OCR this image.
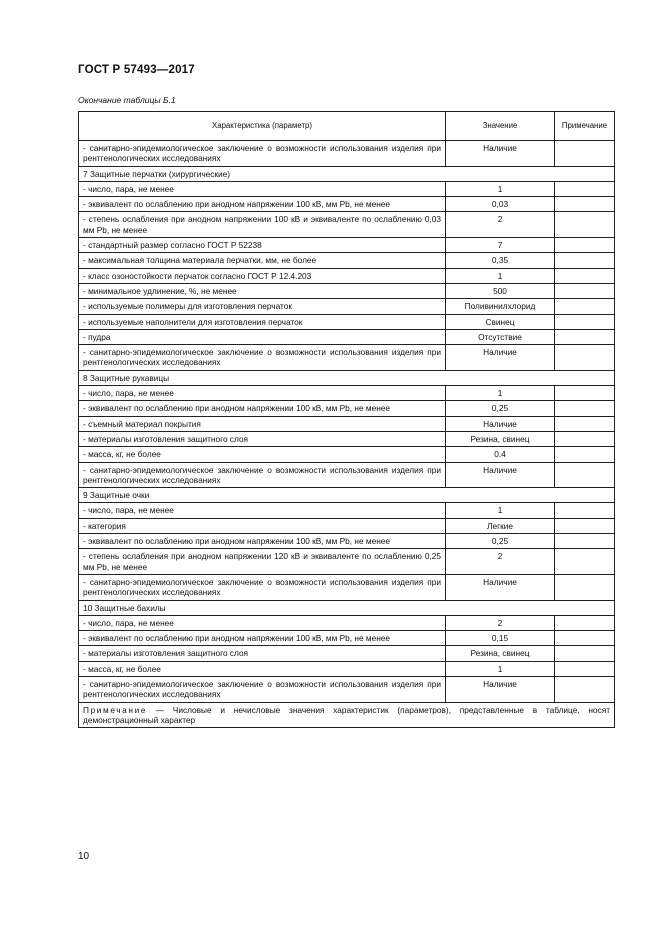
ГОСТ Р 57493—2017
Окончание таблицы Б.1
Характеристика (параметр)	Значение	Примечание
- санитарно-эпидемиологическое заключение о возможности использования изделия при рентгенологических исследованиях	Наличие	
7 Защитные перчатки (хирургические)		
- число, пара, не менее	1	
- эквивалент по ослаблению при анодном напряжении 100 кВ, мм Pb, не менее	0,03	
- степень ослабления при анодном напряжении 100 кВ и эквиваленте по ослаблению 0,03 мм Pb, не менее	2	
- стандартный размер согласно ГОСТ Р 52238	7	
- максимальная толщина материала перчатки, мм, не более	0,35	
- класс озоностойкости перчаток согласно ГОСТ Р 12.4.203	1	
- минимальное удлинение, %, не менее	500	
- используемые полимеры для изготовления перчаток	Поливинилхлорид	
- используемые наполнители для изготовления перчаток	Свинец	
- пудра	Отсутствие	
- санитарно-эпидемиологическое заключение о возможности использования изделия при рентгенологических исследованиях	Наличие	
8 Защитные рукавицы		
- число, пара, не менее	1	
- эквивалент по ослаблению при анодном напряжении 100 кВ, мм Pb, не менее	0,25	
- съемный материал покрытия	Наличие	
- материалы изготовления защитного слоя	Резина, свинец	
- масса, кг, не более	0.4	
- санитарно-эпидемиологическое заключение о возможности использования изделия при рентгенологических исследованиях	Наличие	
9 Защитные очки		
- число, пара, не менее	1	
- категория	Легкие	
- эквивалент по ослаблению при анодном напряжении 100 кВ, мм Pb, не менее	0,25	
- степень ослабления при анодном напряжении 120 кВ и эквиваленте по ослаблению 0,25 мм Pb, не менее	2	
- санитарно-эпидемиологическое заключение о возможности использования изделия при рентгенологических исследованиях	Наличие	
10 Защитные бахилы		
- число, пара, не менее	2	
- эквивалент по ослаблению при анодном напряжении 100 кВ, мм Pb, не менее	0,15	
- материалы изготовления защитного слоя	Резина, свинец	
- масса, кг, не более	1	
- санитарно-эпидемиологическое заключение о возможности использования изделия при рентгенологических исследованиях	Наличие	
Примечание — Числовые и нечисловые значения характеристик (параметров), представленные в таблице, носят демонстрационный характер		
10
